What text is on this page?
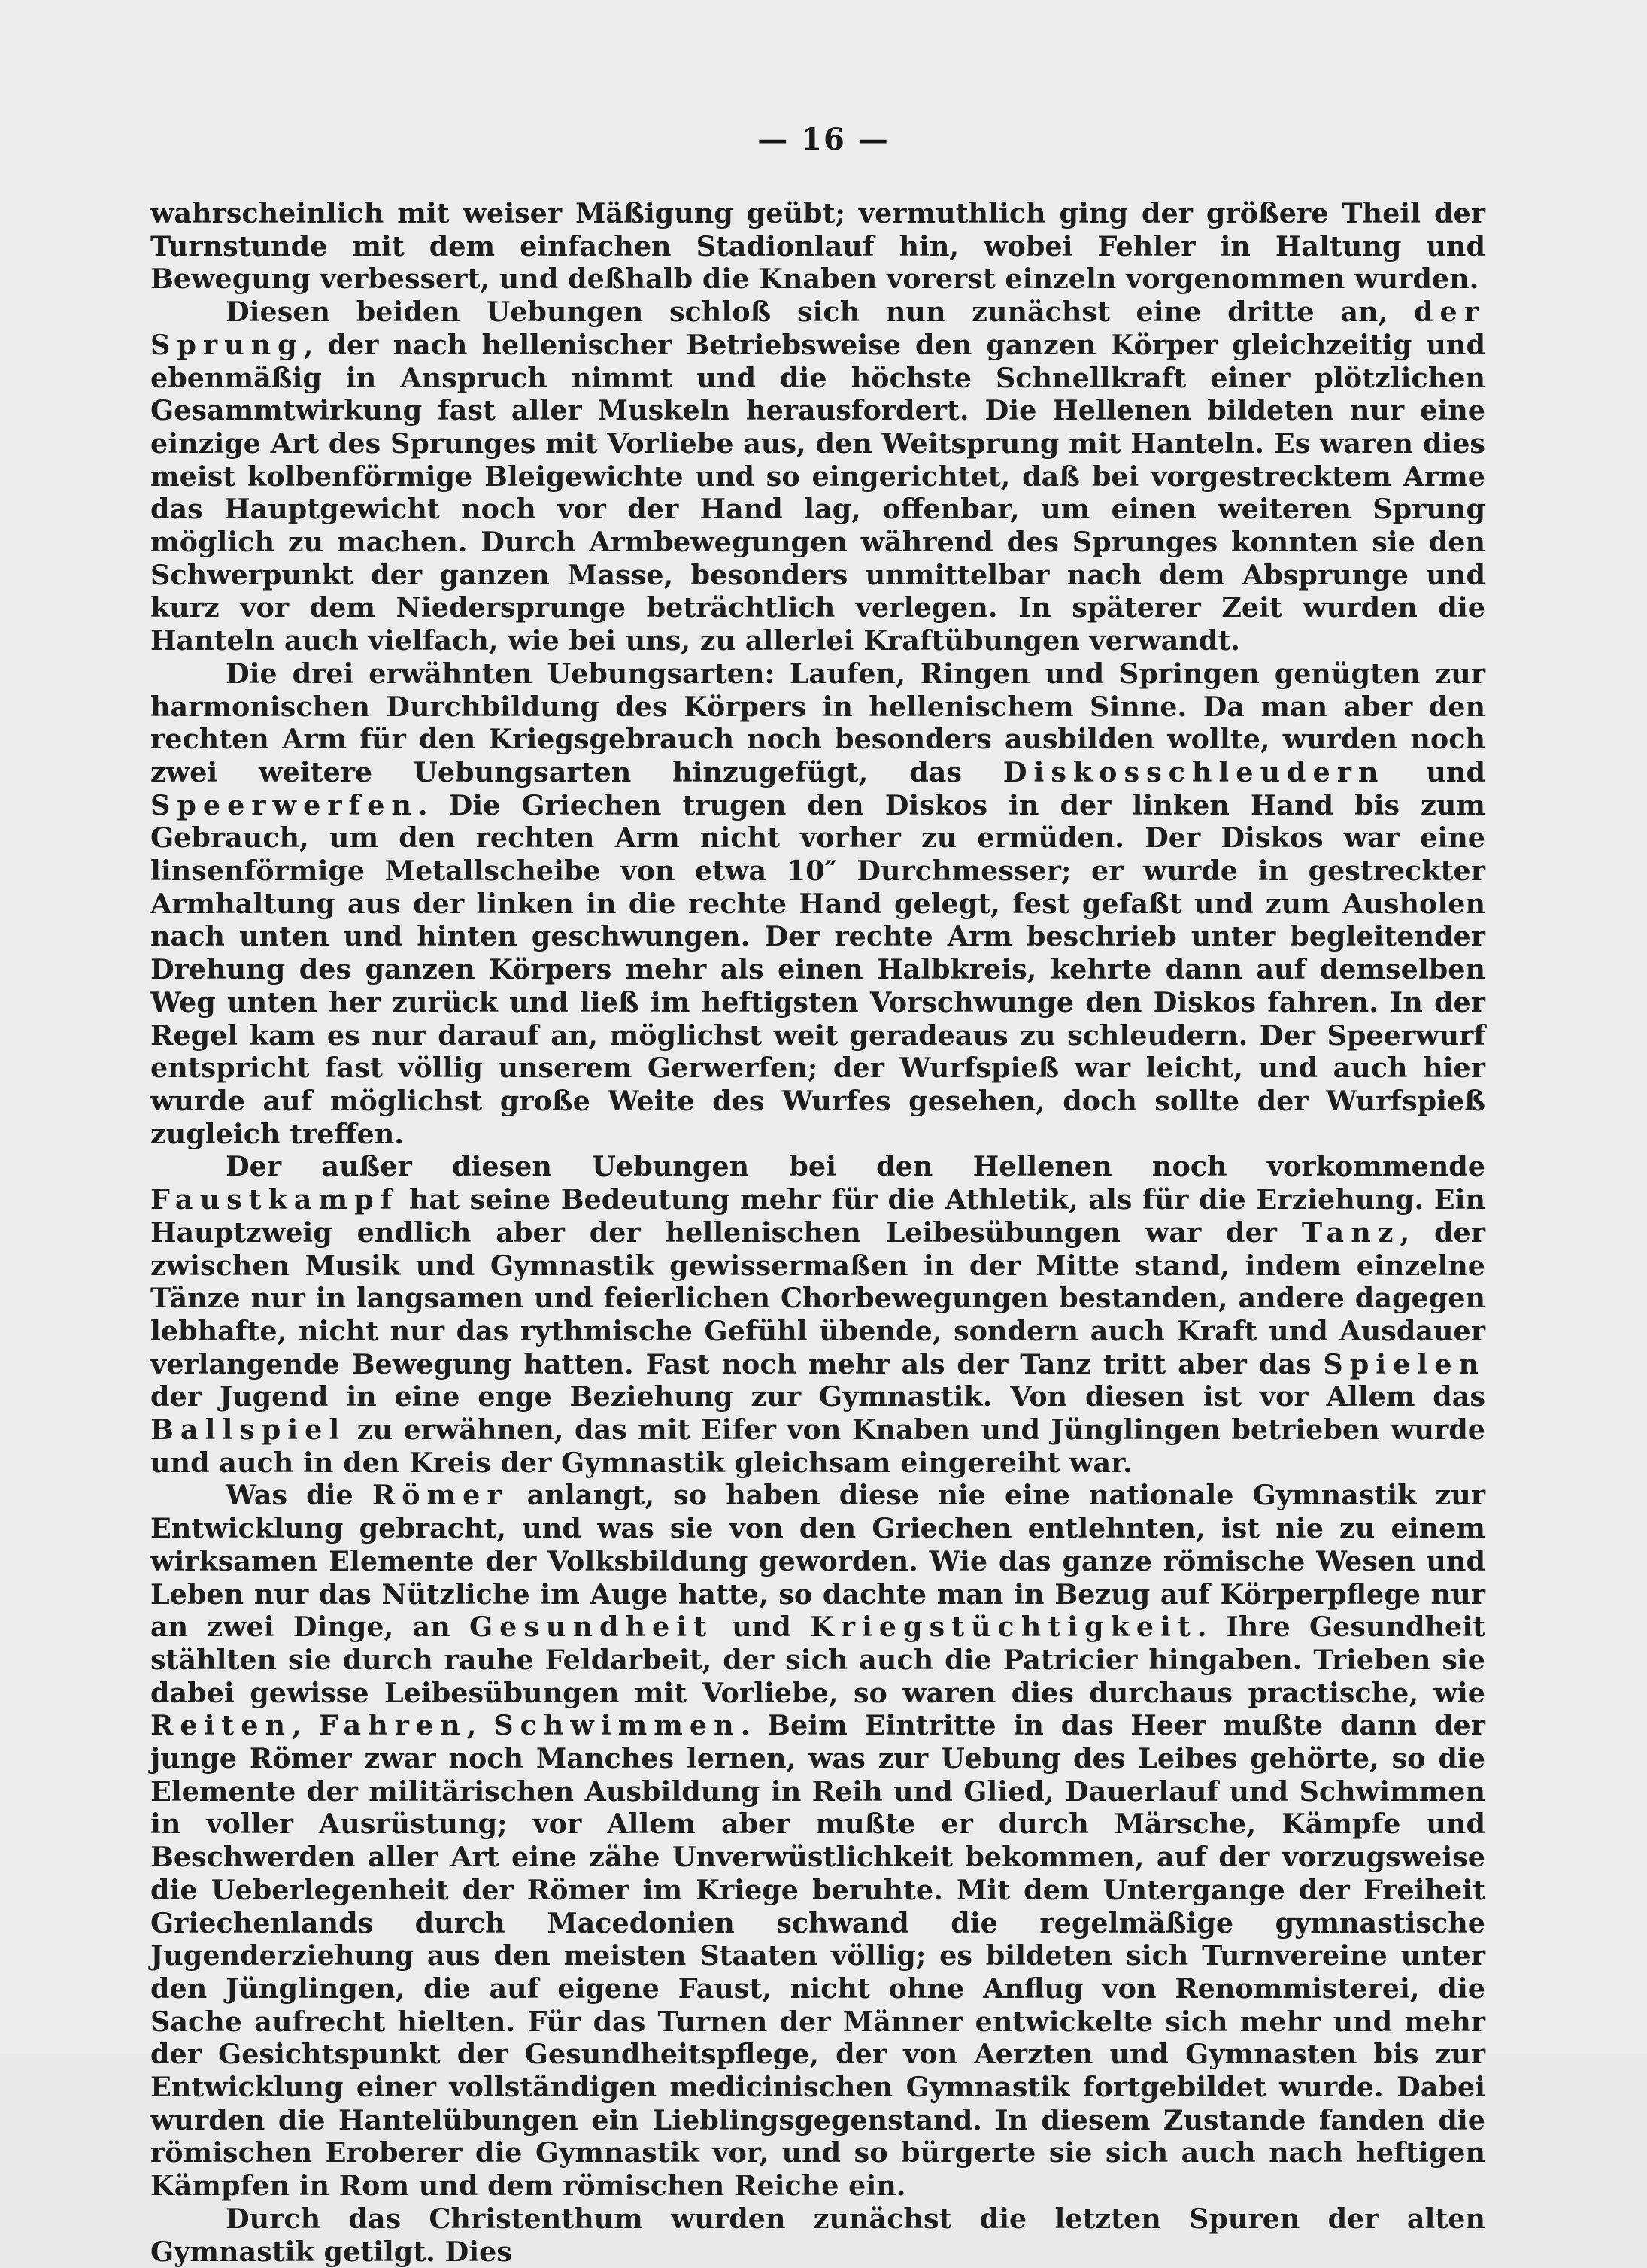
— 16 —

wahrscheinlich mit weiser Mäßigung geübt; vermuthlich ging der größere Theil der Turnstunde mit dem einfachen Stadionlauf hin, wobei Fehler in Haltung und Bewegung verbessert, und deßhalb die Knaben vorerst einzeln vorgenommen wurden.

Diesen beiden Uebungen schloß sich nun zunächst eine dritte an, der Sprung, der nach hellenischer Betriebsweise den ganzen Körper gleichzeitig und ebenmäßig in Anspruch nimmt und die höchste Schnellkraft einer plötzlichen Gesammtwirkung fast aller Muskeln herausfordert. Die Hellenen bildeten nur eine einzige Art des Sprunges mit Vorliebe aus, den Weitsprung mit Hanteln. Es waren dies meist kolbenförmige Bleigewichte und so eingerichtet, daß bei vorgestrecktem Arme das Hauptgewicht noch vor der Hand lag, offenbar, um einen weiteren Sprung möglich zu machen. Durch Armbewegungen während des Sprunges konnten sie den Schwerpunkt der ganzen Masse, besonders unmittelbar nach dem Absprunge und kurz vor dem Niedersprunge beträchtlich verlegen. In späterer Zeit wurden die Hanteln auch vielfach, wie bei uns, zu allerlei Kraftübungen verwandt.

Die drei erwähnten Uebungsarten: Laufen, Ringen und Springen genügten zur harmonischen Durchbildung des Körpers in hellenischem Sinne. Da man aber den rechten Arm für den Kriegsgebrauch noch besonders ausbilden wollte, wurden noch zwei weitere Uebungsarten hinzugefügt, das Diskosschleudern und Speerwerfen. Die Griechen trugen den Diskos in der linken Hand bis zum Gebrauch, um den rechten Arm nicht vorher zu ermüden. Der Diskos war eine linsenförmige Metallscheibe von etwa 10″ Durchmesser; er wurde in gestreckter Armhaltung aus der linken in die rechte Hand gelegt, fest gefaßt und zum Ausholen nach unten und hinten geschwungen. Der rechte Arm beschrieb unter begleitender Drehung des ganzen Körpers mehr als einen Halbkreis, kehrte dann auf demselben Weg unten her zurück und ließ im heftigsten Vorschwunge den Diskos fahren. In der Regel kam es nur darauf an, möglichst weit geradeaus zu schleudern. Der Speerwurf entspricht fast völlig unserem Gerwerfen; der Wurfspieß war leicht, und auch hier wurde auf möglichst große Weite des Wurfes gesehen, doch sollte der Wurfspieß zugleich treffen.

Der außer diesen Uebungen bei den Hellenen noch vorkommende Faustkampf hat seine Bedeutung mehr für die Athletik, als für die Erziehung. Ein Hauptzweig endlich aber der hellenischen Leibesübungen war der Tanz, der zwischen Musik und Gymnastik gewissermaßen in der Mitte stand, indem einzelne Tänze nur in langsamen und feierlichen Chorbewegungen bestanden, andere dagegen lebhafte, nicht nur das rythmische Gefühl übende, sondern auch Kraft und Ausdauer verlangende Bewegung hatten. Fast noch mehr als der Tanz tritt aber das Spielen der Jugend in eine enge Beziehung zur Gymnastik. Von diesen ist vor Allem das Ballspiel zu erwähnen, das mit Eifer von Knaben und Jünglingen betrieben wurde und auch in den Kreis der Gymnastik gleichsam eingereiht war.

Was die Römer anlangt, so haben diese nie eine nationale Gymnastik zur Entwicklung gebracht, und was sie von den Griechen entlehnten, ist nie zu einem wirksamen Elemente der Volksbildung geworden. Wie das ganze römische Wesen und Leben nur das Nützliche im Auge hatte, so dachte man in Bezug auf Körperpflege nur an zwei Dinge, an Gesundheit und Kriegstüchtigkeit. Ihre Gesundheit stählten sie durch rauhe Feldarbeit, der sich auch die Patricier hingaben. Trieben sie dabei gewisse Leibesübungen mit Vorliebe, so waren dies durchaus practische, wie Reiten, Fahren, Schwimmen. Beim Eintritte in das Heer mußte dann der junge Römer zwar noch Manches lernen, was zur Uebung des Leibes gehörte, so die Elemente der militärischen Ausbildung in Reih und Glied, Dauerlauf und Schwimmen in voller Ausrüstung; vor Allem aber mußte er durch Märsche, Kämpfe und Beschwerden aller Art eine zähe Unverwüstlichkeit bekommen, auf der vorzugsweise die Ueberlegenheit der Römer im Kriege beruhte. Mit dem Untergange der Freiheit Griechenlands durch Macedonien schwand die regelmäßige gymnastische Jugenderziehung aus den meisten Staaten völlig; es bildeten sich Turnvereine unter den Jünglingen, die auf eigene Faust, nicht ohne Anflug von Renommisterei, die Sache aufrecht hielten. Für das Turnen der Männer entwickelte sich mehr und mehr der Gesichtspunkt der Gesundheitspflege, der von Aerzten und Gymnasten bis zur Entwicklung einer vollständigen medicinischen Gymnastik fortgebildet wurde. Dabei wurden die Hantelübungen ein Lieblingsgegenstand. In diesem Zustande fanden die römischen Eroberer die Gymnastik vor, und so bürgerte sie sich auch nach heftigen Kämpfen in Rom und dem römischen Reiche ein.

Durch das Christenthum wurden zunächst die letzten Spuren der alten Gymnastik getilgt. Dies
